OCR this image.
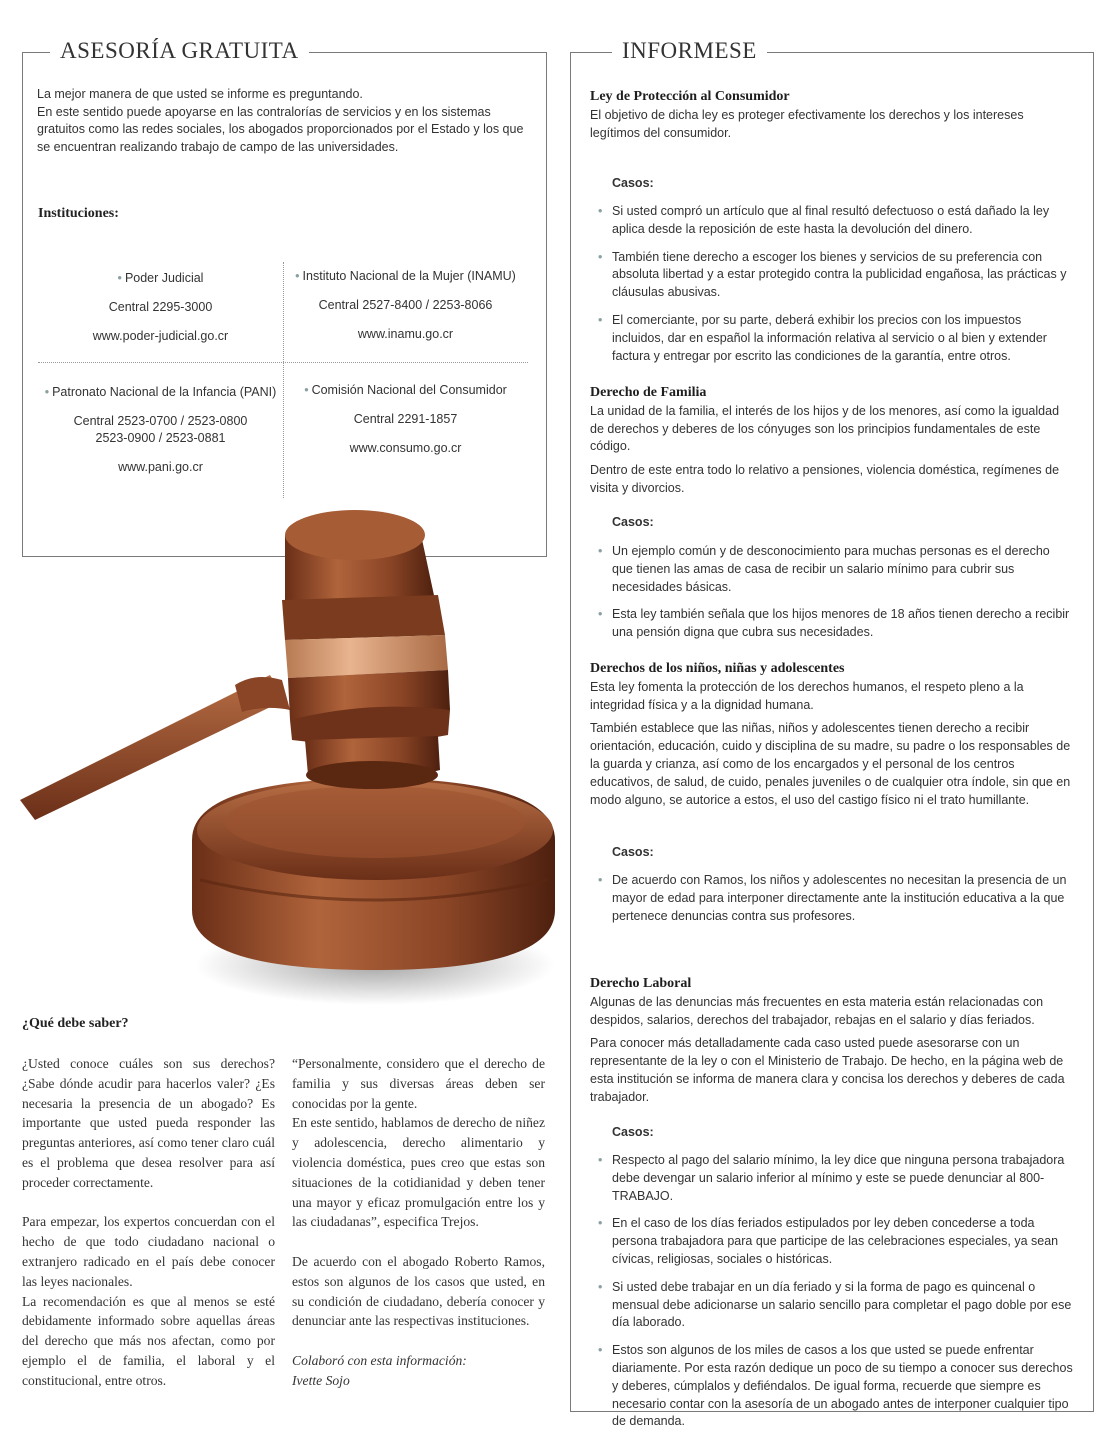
ASESORÍA GRATUITA

La mejor manera de que usted se informe es preguntando.

En este sentido puede apoyarse en las contralorías de servicios y en los sistemas gratuitos como las redes sociales, los abogados proporcionados por el Estado y los que se encuentran realizando trabajo de campo de las universidades.

Instituciones:
• Poder Judicial
Central 2295-3000
www.poder-judicial.go.cr
• Instituto Nacional de la Mujer (INAMU)
Central 2527-8400 / 2253-8066
www.inamu.go.cr
• Patronato Nacional de la Infancia (PANI)
Central 2523-0700 / 2523-0800
2523-0900 / 2523-0881
www.pani.go.cr
• Comisión Nacional del Consumidor
Central 2291-1857
www.consumo.go.cr
¿Qué debe saber?

¿Usted conoce cuáles son sus derechos? ¿Sabe dónde acudir para hacerlos valer? ¿Es necesaria la presencia de un abogado? Es importante que usted pueda responder las preguntas anteriores, así como tener claro cuál es el problema que desea resolver para así proceder correctamente.

Para empezar, los expertos concuerdan con el hecho de que todo ciudadano nacional o extranjero radicado en el país debe conocer las leyes nacionales.

La recomendación es que al menos se esté debidamente informado sobre aquellas áreas del derecho que más nos afectan, como por ejemplo el de familia, el laboral y el constitucional, entre otros.

“Personalmente, considero que el derecho de familia y sus diversas áreas deben ser conocidas por la gente.

En este sentido, hablamos de derecho de niñez y adolescencia, derecho alimentario y violencia doméstica, pues creo que estas son situaciones de la cotidianidad y deben tener una mayor y eficaz promulgación entre los y las ciudadanas”, especifica Trejos.

De acuerdo con el abogado Roberto Ramos, estos son algunos de los casos que usted, en su condición de ciudadano, debería conocer y denunciar ante las respectivas instituciones.

Colaboró con esta información:

Ivette Sojo

INFORMESE
Ley de Protección al Consumidor

El objetivo de dicha ley es proteger efectivamente los derechos y los intereses legítimos del consumidor.

Casos:
• Si usted compró un artículo que al final resultó defectuoso o está dañado la ley aplica desde la reposición de este hasta la devolución del dinero.
• También tiene derecho a escoger los bienes y servicios de su preferencia con absoluta libertad y a estar protegido contra la publicidad engañosa, las prácticas y cláusulas abusivas.
• El comerciante, por su parte, deberá exhibir los precios con los impuestos incluidos, dar en español la información relativa al servicio o al bien y extender factura y entregar por escrito las condiciones de la garantía, entre otros.
Derecho de Familia

La unidad de la familia, el interés de los hijos y de los menores, así como la igualdad de derechos y deberes de los cónyuges son los principios fundamentales de este código.

Dentro de este entra todo lo relativo a pensiones, violencia doméstica, regímenes de visita y divorcios.

Casos:
• Un ejemplo común y de desconocimiento para muchas personas es el derecho que tienen las amas de casa de recibir un salario mínimo para cubrir sus necesidades básicas.
• Esta ley también señala que los hijos menores de 18 años tienen derecho a recibir una pensión digna que cubra sus necesidades.
Derechos de los niños, niñas y adolescentes

Esta ley fomenta la protección de los derechos humanos, el respeto pleno a la integridad física y a la dignidad humana.

También establece que las niñas, niños y adolescentes tienen derecho a recibir orientación, educación, cuido y disciplina de su madre, su padre o los responsables de la guarda y crianza, así como de los encargados y el personal de los centros educativos, de salud, de cuido, penales juveniles o de cualquier otra índole, sin que en modo alguno, se autorice a estos, el uso del castigo físico ni el trato humillante.

Casos:
• De acuerdo con Ramos, los niños y adolescentes no necesitan la presencia de un mayor de edad para interponer directamente ante la institución educativa a la que pertenece denuncias contra sus profesores.
Derecho Laboral

Algunas de las denuncias más frecuentes en esta materia están relacionadas con despidos, salarios, derechos del trabajador, rebajas en el salario y días feriados.

Para conocer más detalladamente cada caso usted puede asesorarse con un representante de la ley o con el Ministerio de Trabajo. De hecho, en la página web de esta institución se informa de manera clara y concisa los derechos y deberes de cada trabajador.

Casos:
• Respecto al pago del salario mínimo, la ley dice que ninguna persona trabajadora debe devengar un salario inferior al mínimo y este se puede denunciar al 800-TRABAJO.
• En el caso de los días feriados estipulados por ley deben concederse a toda persona trabajadora para que participe de las celebraciones especiales, ya sean cívicas, religiosas, sociales o históricas.
• Si usted debe trabajar en un día feriado y si la forma de pago es quincenal o mensual debe adicionarse un salario sencillo para completar el pago doble por ese día laborado.
• Estos son algunos de los miles de casos a los que usted se puede enfrentar diariamente. Por esta razón dedique un poco de su tiempo a conocer sus derechos y deberes, cúmplalos y defiéndalos. De igual forma, recuerde que siempre es necesario contar con la asesoría de un abogado antes de interponer cualquier tipo de demanda.
